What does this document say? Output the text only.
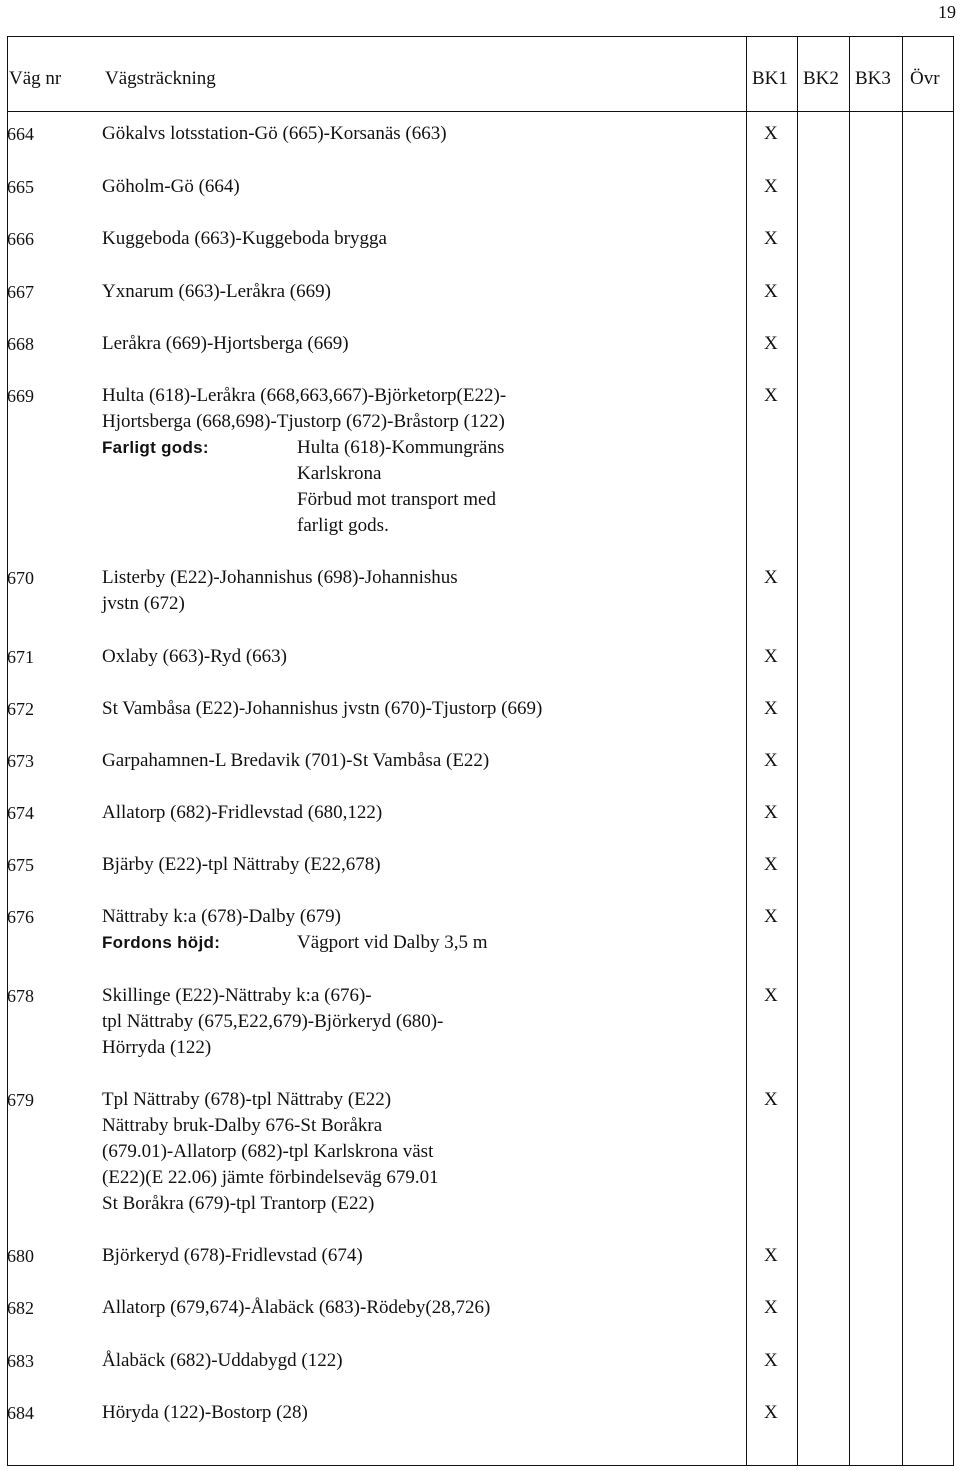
19
Väg nr Vägsträckning	BK1 BK2 BK3 Övr
664	Gökalvs lotsstation-Gö (665)-Korsanäs (663)	X
665	Göholm-Gö (664)	X
666	Kuggeboda (663)-Kuggeboda brygga	X
667	Yxnarum (663)-Leråkra (669)	X
668	Leråkra (669)-Hjortsberga (669)	X
669	Hulta (618)-Leråkra (668,663,667)-Björketorp(E22)-
Hjortsberga (668,698)-Tjustorp (672)-Bråstorp (122)
Farligt gods:	Hulta (618)-Kommungräns
Karlskrona
Förbud mot transport med
farligt gods.
X
670	Listerby (E22)-Johannishus (698)-Johannishus
jvstn (672)
X
671	Oxlaby (663)-Ryd (663)	X
672	St Vambåsa (E22)-Johannishus jvstn (670)-Tjustorp (669)	X
673	Garpahamnen-L Bredavik (701)-St Vambåsa (E22)	X
674	Allatorp (682)-Fridlevstad (680,122)	X
675	Bjärby (E22)-tpl Nättraby (E22,678)	X
676	Nättraby k:a (678)-Dalby (679)
Fordons höjd:	Vägport vid Dalby 3,5 m
X
678	Skillinge (E22)-Nättraby k:a (676)-
tpl Nättraby (675,E22,679)-Björkeryd (680)-
Hörryda (122)
X
679	Tpl Nättraby (678)-tpl Nättraby (E22)
Nättraby bruk-Dalby 676-St Boråkra
(679.01)-Allatorp (682)-tpl Karlskrona väst
(E22)(E 22.06) jämte förbindelseväg 679.01
St Boråkra (679)-tpl Trantorp (E22)
X
680	Björkeryd (678)-Fridlevstad (674)	X
682	Allatorp (679,674)-Ålabäck (683)-Rödeby(28,726)	X
683	Ålabäck (682)-Uddabygd (122)	X
684	Höryda (122)-Bostorp (28)	X
